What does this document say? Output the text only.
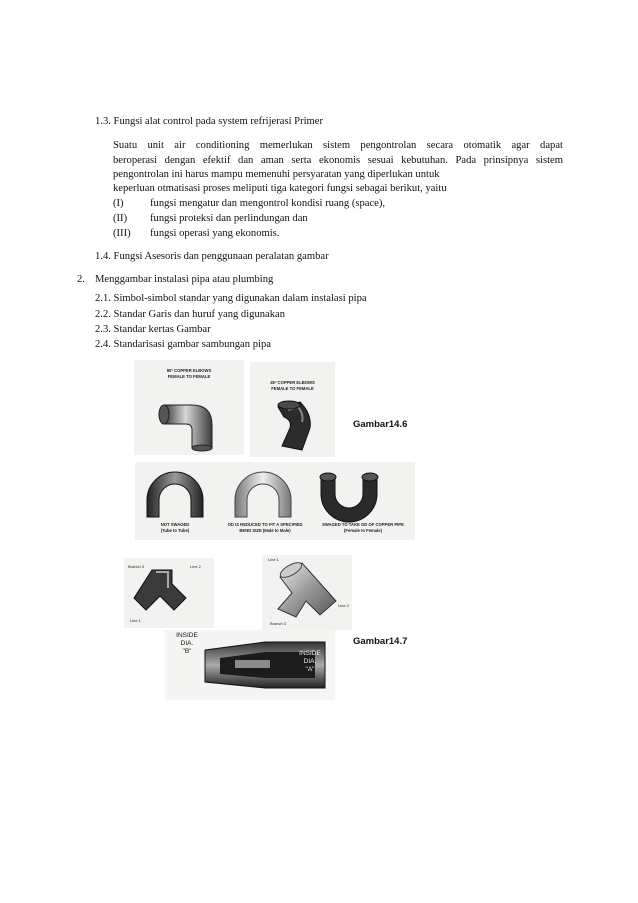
1.3. Fungsi alat control pada system refrijerasi Primer
Suatu unit air conditioning memerlukan sistem pengontrolan secara otomatik agar dapat
beroperasi dengan efektif dan aman serta ekonomis sesuai kebutuhan. Pada prinsipnya sistem
pengontrolan ini harus mampu memenuhi persyaratan yang diperlukan untuk
keperluan otmatisasi proses meliputi tiga kategori fungsi sebagai berikut, yaitu
(I) fungsi mengatur dan mengontrol kondisi ruang (space),
(II) fungsi proteksi dan perlindungan dan
(III) fungsi operasi yang ekonomis.
1.4. Fungsi Asesoris dan penggunaan peralatan gambar
2. Menggambar instalasi pipa atau plumbing
2.1. Simbol-simbol standar yang digunakan dalam instalasi pipa
2.2. Standar Garis dan huruf yang digunakan
2.3. Standar kertas Gambar
2.4. Standarisasi gambar sambungan pipa
90º COPPER ELBOWS
FEMALE TO FEMALE
45º COPPER ELBOWS
FEMALE TO FEMALE
Gambar14.6
NOT SWAGED
(Tube to Tube)
OD IS REDUCED TO FIT A SPECIFIED
BEND SIZE (Male to Male)
SWAGED TO TAKE OD OF COPPER PIPE
(Female to Female)
Branch 3	Line 2
Line 1
Line 1
Line 2
Branch 3
INSIDE
DIA.
"B"	INSIDE
DIA.
"A"
Gambar14.7
